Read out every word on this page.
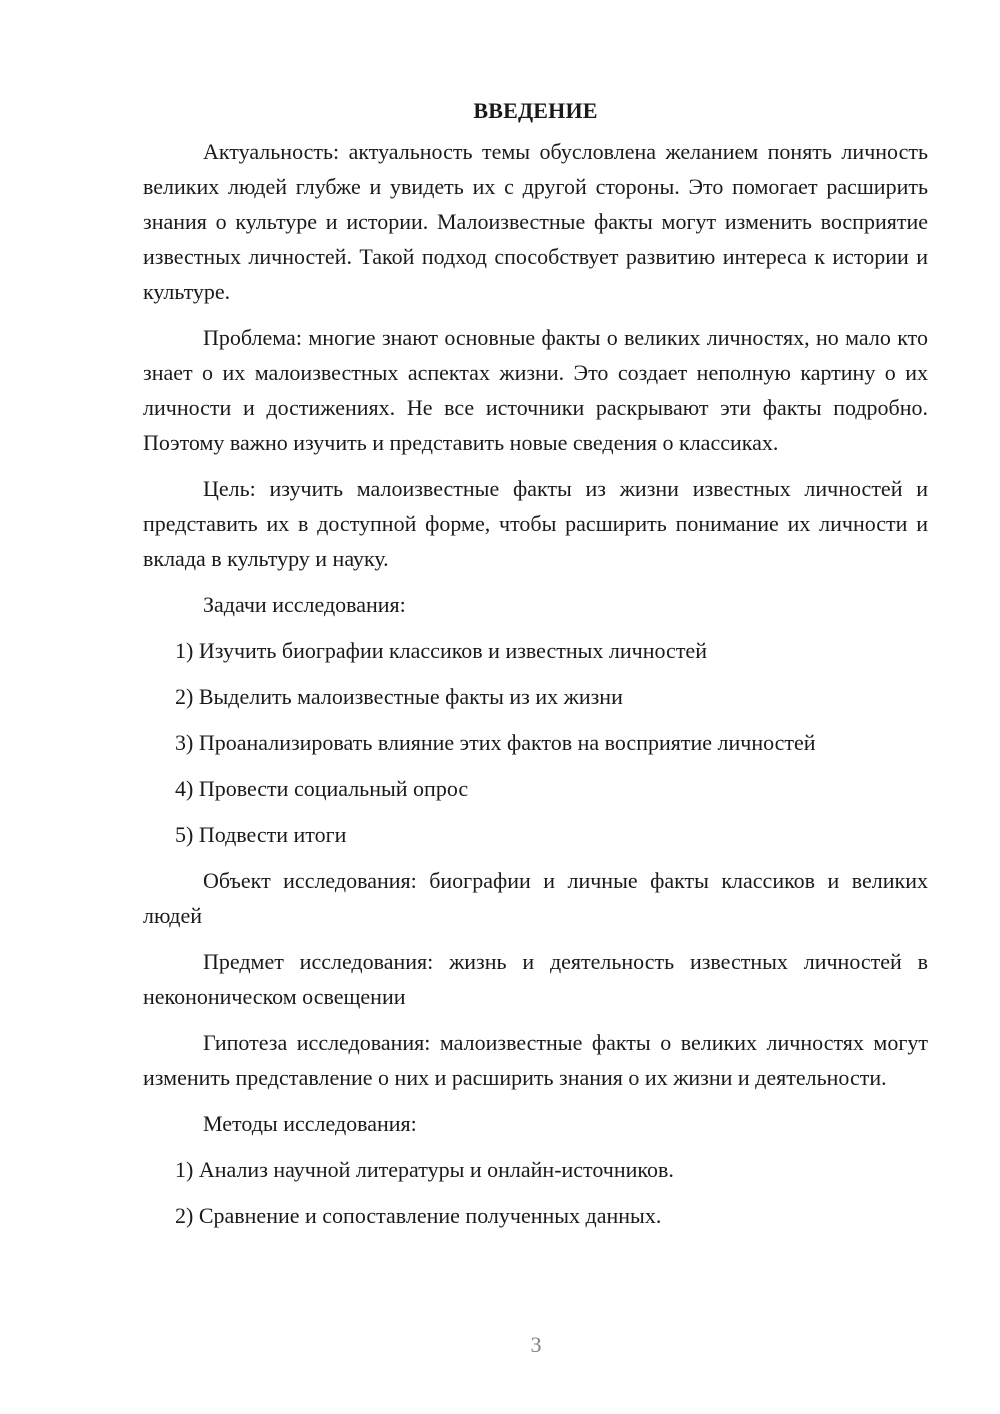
ВВЕДЕНИЕ

Актуальность: актуальность темы обусловлена желанием понять личность великих людей глубже и увидеть их с другой стороны. Это помогает расширить знания о культуре и истории. Малоизвестные факты могут изменить восприятие известных личностей. Такой подход способствует развитию интереса к истории и культуре.

Проблема: многие знают основные факты о великих личностях, но мало кто знает о их малоизвестных аспектах жизни. Это создает неполную картину о их личности и достижениях. Не все источники раскрывают эти факты подробно. Поэтому важно изучить и представить новые сведения о классиках.

Цель: изучить малоизвестные факты из жизни известных личностей и представить их в доступной форме, чтобы расширить понимание их личности и вклада в культуру и науку.

Задачи исследования:
1) Изучить биографии классиков и известных личностей
2) Выделить малоизвестные факты из их жизни
3) Проанализировать влияние этих фактов на восприятие личностей
4) Провести социальный опрос
5) Подвести итоги

Объект исследования: биографии и личные факты классиков и великих людей

Предмет исследования: жизнь и деятельность известных личностей в некононическом освещении

Гипотеза исследования: малоизвестные факты о великих личностях могут изменить представление о них и расширить знания о их жизни и деятельности.

Методы исследования:
1) Анализ научной литературы и онлайн-источников.
2) Сравнение и сопоставление полученных данных.
3
